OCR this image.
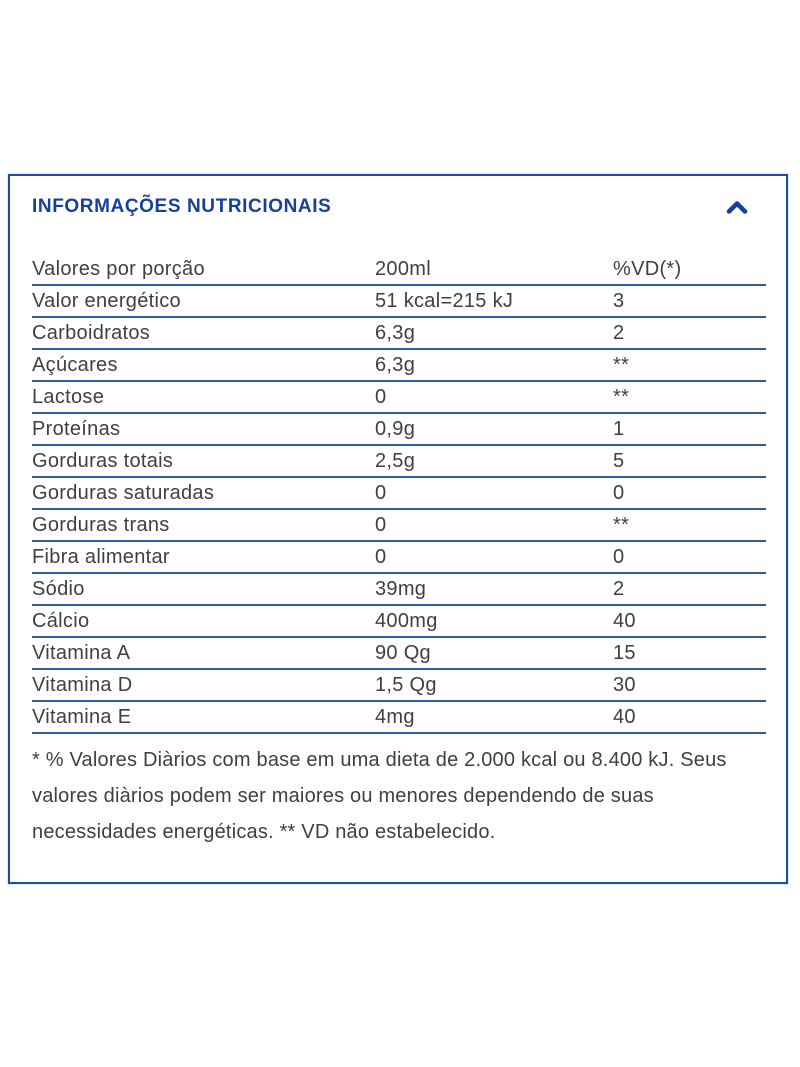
INFORMAÇÕES NUTRICIONAIS
Valores por porção	200ml	%VD(*)
Valor energético	51 kcal=215 kJ	3
Carboidratos	6,3g	2
Açúcares	6,3g	**
Lactose	0	**
Proteínas	0,9g	1
Gorduras totais	2,5g	5
Gorduras saturadas	0	0
Gorduras trans	0	**
Fibra alimentar	0	0
Sódio	39mg	2
Cálcio	400mg	40
Vitamina A	90 Qg	15
Vitamina D	1,5 Qg	30
Vitamina E	4mg	40

* % Valores Diàrios com base em uma dieta de 2.000 kcal ou 8.400 kJ. Seus valores diàrios podem ser maiores ou menores dependendo de suas necessidades energéticas. ** VD não estabelecido.
